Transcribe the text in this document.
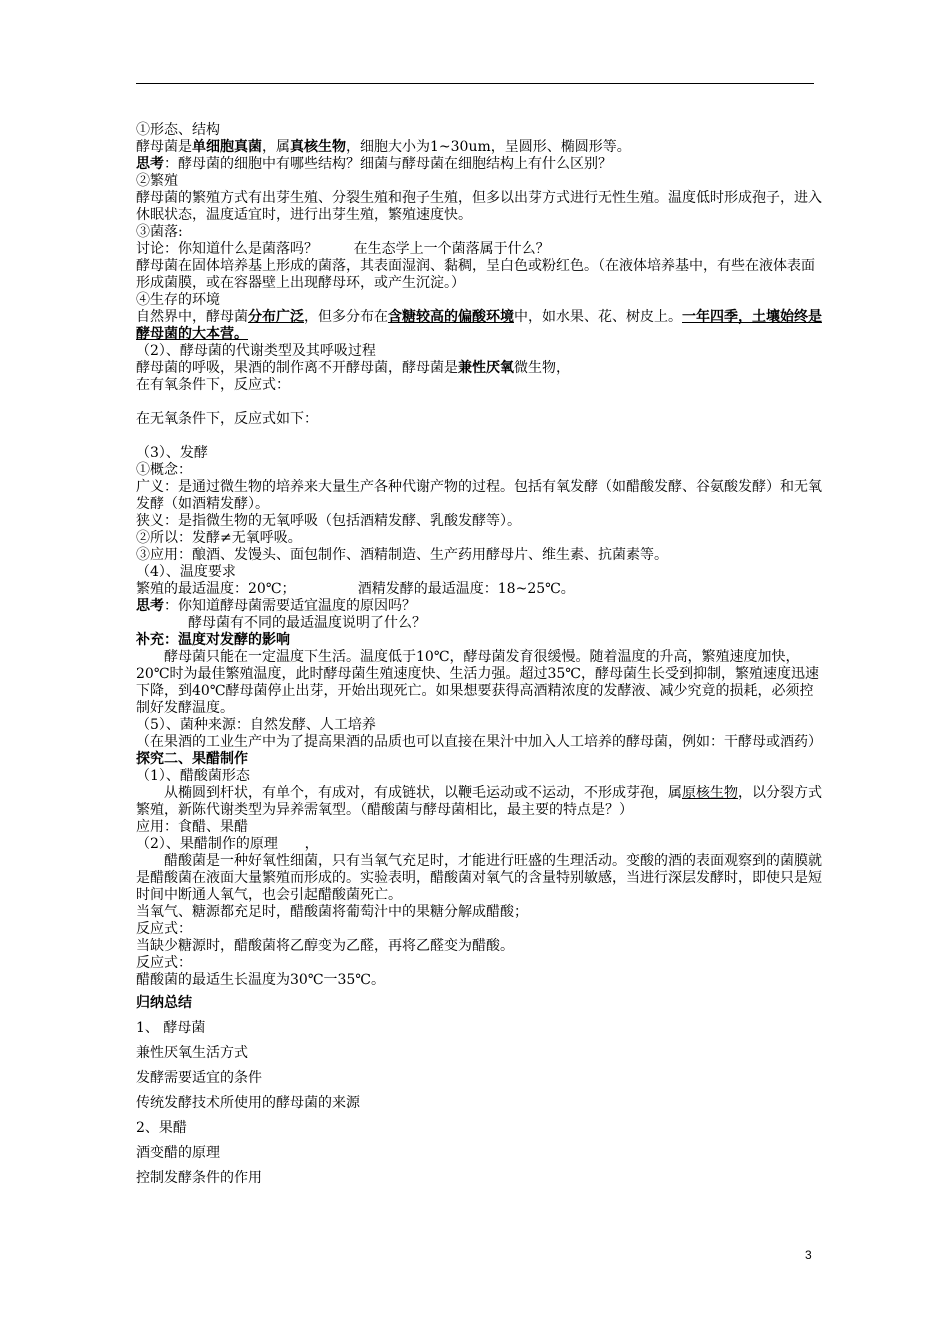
①形态、结构

酵母菌是单细胞真菌，属真核生物，细胞大小为1~30um，呈圆形、椭圆形等。

思考：酵母菌的细胞中有哪些结构？细菌与酵母菌在细胞结构上有什么区别？

②繁殖

酵母菌的繁殖方式有出芽生殖、分裂生殖和孢子生殖，但多以出芽方式进行无性生殖。温度低时形成孢子，进入休眠状态，温度适宜时，进行出芽生殖，繁殖速度快。

③菌落:

讨论：你知道什么是菌落吗？        在生态学上一个菌落属于什么？

酵母菌在固体培养基上形成的菌落，其表面湿润、黏稠，呈白色或粉红色。（在液体培养基中，有些在液体表面形成菌膜，或在容器壁上出现酵母环，或产生沉淀。）

④生存的环境

自然界中，酵母菌分布广泛，但多分布在含糖较高的偏酸环境中，如水果、花、树皮上。一年四季，土壤始终是酵母菌的大本营。

（2）、酵母菌的代谢类型及其呼吸过程

酵母菌的呼吸，果酒的制作离不开酵母菌，酵母菌是兼性厌氧微生物，

在有氧条件下，反应式：

在无氧条件下，反应式如下：

（3）、发酵

①概念：

广义：是通过微生物的培养来大量生产各种代谢产物的过程。包括有氧发酵（如醋酸发酵、谷氨酸发酵）和无氧发酵（如酒精发酵）。

狭义：是指微生物的无氧呼吸（包括酒精发酵、乳酸发酵等）。

②所以：发酵≠无氧呼吸。

③应用：酿酒、发馒头、面包制作、酒精制造、生产药用酵母片、维生素、抗菌素等。

（4）、温度要求

繁殖的最适温度：20℃；              酒精发酵的最适温度：18~25℃。

思考：你知道酵母菌需要适宜温度的原因吗？

酵母菌有不同的最适温度说明了什么？

补充：温度对发酵的影响

酵母菌只能在一定温度下生活。温度低于10℃，酵母菌发育很缓慢。随着温度的升高，繁殖速度加快，20℃时为最佳繁殖温度，此时酵母菌生殖速度快、生活力强。超过35℃，酵母菌生长受到抑制，繁殖速度迅速下降，到40℃酵母菌停止出芽，开始出现死亡。如果想要获得高酒精浓度的发酵液、减少究竟的损耗，必须控制好发酵温度。

（5）、菌种来源：自然发酵、人工培养

（在果酒的工业生产中为了提高果酒的品质也可以直接在果汁中加入人工培养的酵母菌，例如：干酵母或酒药）

探究二、果醋制作

（1）、醋酸菌形态

从椭圆到杆状，有单个，有成对，有成链状，以鞭毛运动或不运动，不形成芽孢，属原核生物，以分裂方式繁殖，新陈代谢类型为异养需氧型。（醋酸菌与酵母菌相比，最主要的特点是？）

应用：食醋、果醋

（2）、果醋制作的原理      ，

醋酸菌是一种好氧性细菌，只有当氧气充足时，才能进行旺盛的生理活动。变酸的酒的表面观察到的菌膜就是醋酸菌在液面大量繁殖而形成的。实验表明，醋酸菌对氧气的含量特别敏感，当进行深层发酵时，即使只是短时间中断通人氧气，也会引起醋酸菌死亡。

当氧气、糖源都充足时，醋酸菌将葡萄汁中的果糖分解成醋酸；

反应式：

当缺少糖源时，醋酸菌将乙醇变为乙醛，再将乙醛变为醋酸。

反应式：

醋酸菌的最适生长温度为30℃一35℃。

归纳总结

1、 酵母菌

兼性厌氧生活方式

发酵需要适宜的条件

传统发酵技术所使用的酵母菌的来源

2、果醋

酒变醋的原理

控制发酵条件的作用

3
